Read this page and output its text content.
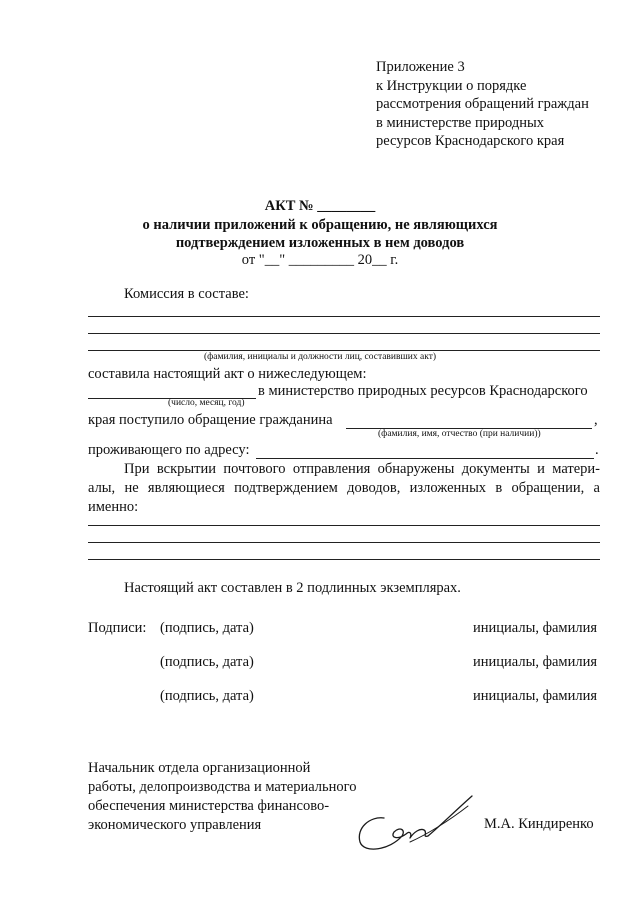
Приложение 3
к Инструкции о порядке
рассмотрения обращений граждан
в министерстве природных
ресурсов Краснодарского края
АКТ № ________
о наличии приложений к обращению, не являющихся
подтверждением изложенных в нем доводов
от "__" _________ 20__ г.
Комиссия в составе:
(фамилия, инициалы и должности лиц, составивших акт)
составила настоящий акт о нижеследующем:
в министерство природных ресурсов Краснодарского
(число, месяц, год)
края поступило обращение гражданина	,
(фамилия, имя, отчество (при наличии))
проживающего по адресу:	.
При вскрытии почтового отправления обнаружены документы и матери-
алы, не являющиеся подтверждением доводов, изложенных в обращении, а
именно:
Настоящий акт составлен в 2 подлинных экземплярах.
Подписи: (подпись, дата)	инициалы, фамилия
(подпись, дата)	инициалы, фамилия
(подпись, дата)	инициалы, фамилия
Начальник отдела организационной
работы, делопроизводства и материального
обеспечения министерства финансово-
экономического управления	М.А. Киндиренко
